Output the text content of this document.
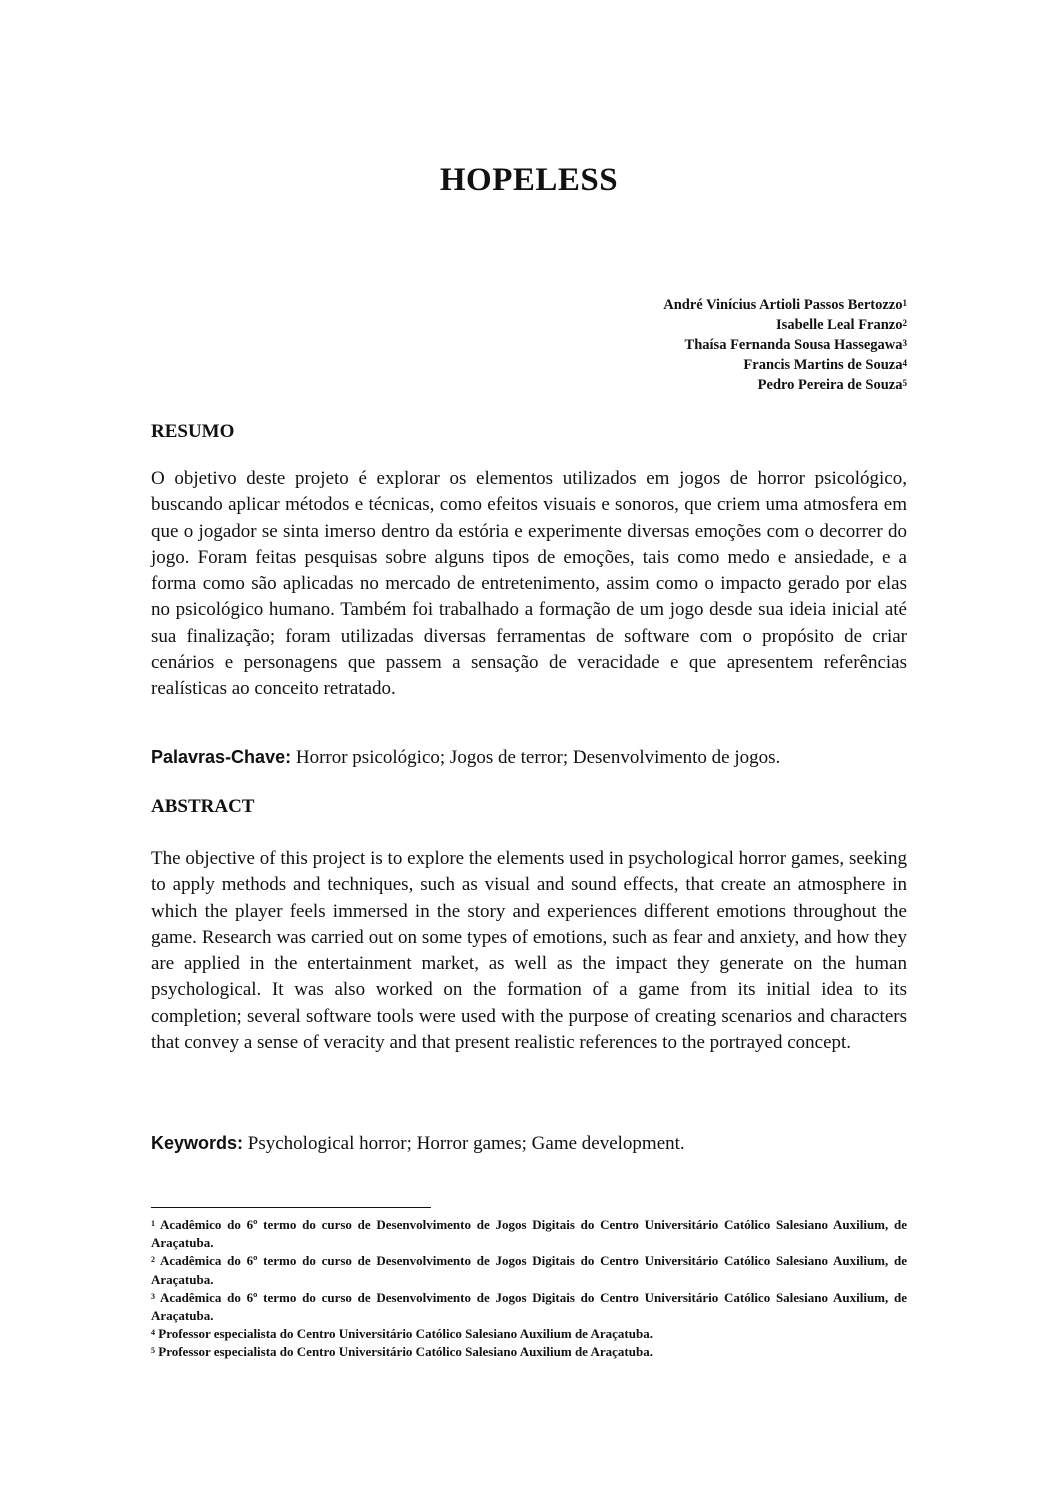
HOPELESS
André Vinícius Artioli Passos Bertozzo$^1$
Isabelle Leal Franzo$^2$
Thaísa Fernanda Sousa Hassegawa$^3$
Francis Martins de Souza$^4$
Pedro Pereira de Souza$^5$
RESUMO
O objetivo deste projeto é explorar os elementos utilizados em jogos de horror psicológico, buscando aplicar métodos e técnicas, como efeitos visuais e sonoros, que criem uma atmosfera em que o jogador se sinta imerso dentro da estória e experimente diversas emoções com o decorrer do jogo. Foram feitas pesquisas sobre alguns tipos de emoções, tais como medo e ansiedade, e a forma como são aplicadas no mercado de entretenimento, assim como o impacto gerado por elas no psicológico humano. Também foi trabalhado a formação de um jogo desde sua ideia inicial até sua finalização; foram utilizadas diversas ferramentas de software com o propósito de criar cenários e personagens que passem a sensação de veracidade e que apresentem referências realísticas ao conceito retratado.
Palavras-Chave: Horror psicológico; Jogos de terror; Desenvolvimento de jogos.
ABSTRACT
The objective of this project is to explore the elements used in psychological horror games, seeking to apply methods and techniques, such as visual and sound effects, that create an atmosphere in which the player feels immersed in the story and experiences different emotions throughout the game. Research was carried out on some types of emotions, such as fear and anxiety, and how they are applied in the entertainment market, as well as the impact they generate on the human psychological. It was also worked on the formation of a game from its initial idea to its completion; several software tools were used with the purpose of creating scenarios and characters that convey a sense of veracity and that present realistic references to the portrayed concept.
Keywords: Psychological horror; Horror games; Game development.
$^1$ Acadêmico do 6º termo do curso de Desenvolvimento de Jogos Digitais do Centro Universitário Católico Salesiano Auxilium, de Araçatuba.
$^2$ Acadêmica do 6º termo do curso de Desenvolvimento de Jogos Digitais do Centro Universitário Católico Salesiano Auxilium, de Araçatuba.
$^3$ Acadêmica do 6º termo do curso de Desenvolvimento de Jogos Digitais do Centro Universitário Católico Salesiano Auxilium, de Araçatuba.
$^4$ Professor especialista do Centro Universitário Católico Salesiano Auxilium de Araçatuba.
$^5$ Professor especialista do Centro Universitário Católico Salesiano Auxilium de Araçatuba.
